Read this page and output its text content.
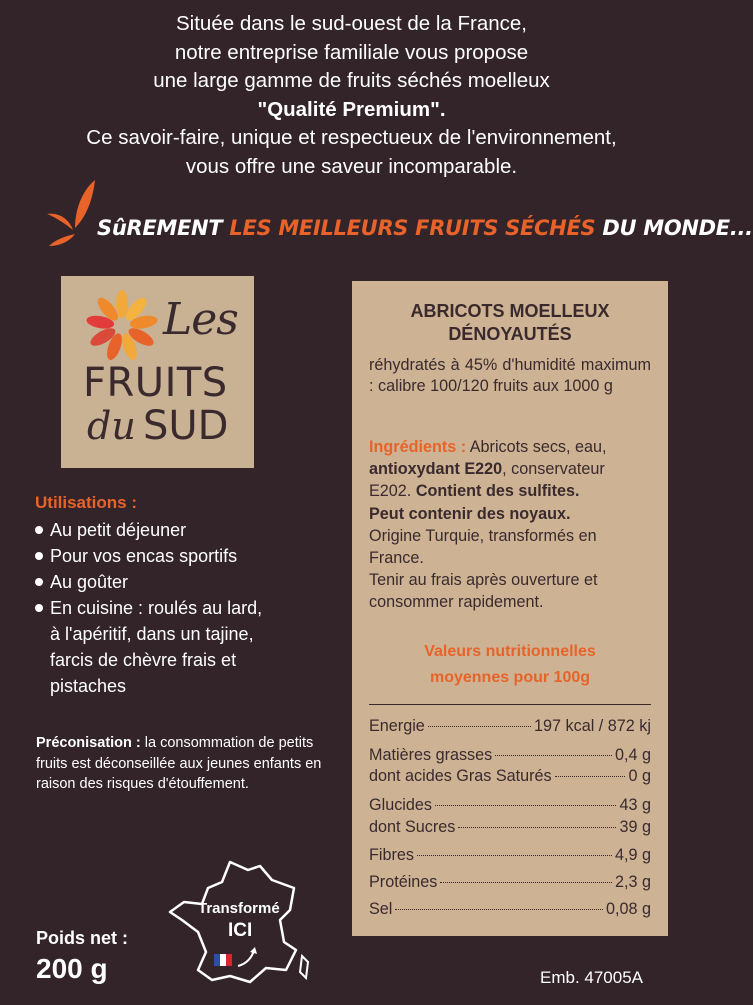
Située dans le sud-ouest de la France,
notre entreprise familiale vous propose
une large gamme de fruits séchés moelleux
"Qualité Premium".
Ce savoir-faire, unique et respectueux de l'environnement,
vous offre une saveur incomparable.
SûREMENT LES MEILLEURS FRUITS SÉCHÉS DU MONDE...
Les
FRUITS
du SUD
Utilisations :
Au petit déjeuner
Pour vos encas sportifs
Au goûter
En cuisine : roulés au lard,
à l'apéritif, dans un tajine,
farcis de chèvre frais et
pistaches
Préconisation : la consommation de petits fruits est déconseillée aux jeunes enfants en raison des risques d'étouffement.
Poids net :
200 g
Transformé
ICI
ABRICOTS MOELLEUX
DÉNOYAUTÉS
réhydratés à 45% d'humidité maximum : calibre 100/120 fruits aux 1000 g
Ingrédients : Abricots secs, eau, antioxydant E220, conservateur E202. Contient des sulfites.
Peut contenir des noyaux.
Origine Turquie, transformés en France.
Tenir au frais après ouverture et consommer rapidement.
Valeurs nutritionnelles
moyennes pour 100g
Energie	197 kcal / 872 kj
Matières grasses	0,4 g
dont acides Gras Saturés	0 g
Glucides	43 g
dont Sucres	39 g
Fibres	4,9 g
Protéines	2,3 g
Sel	0,08 g
Emb. 47005A
